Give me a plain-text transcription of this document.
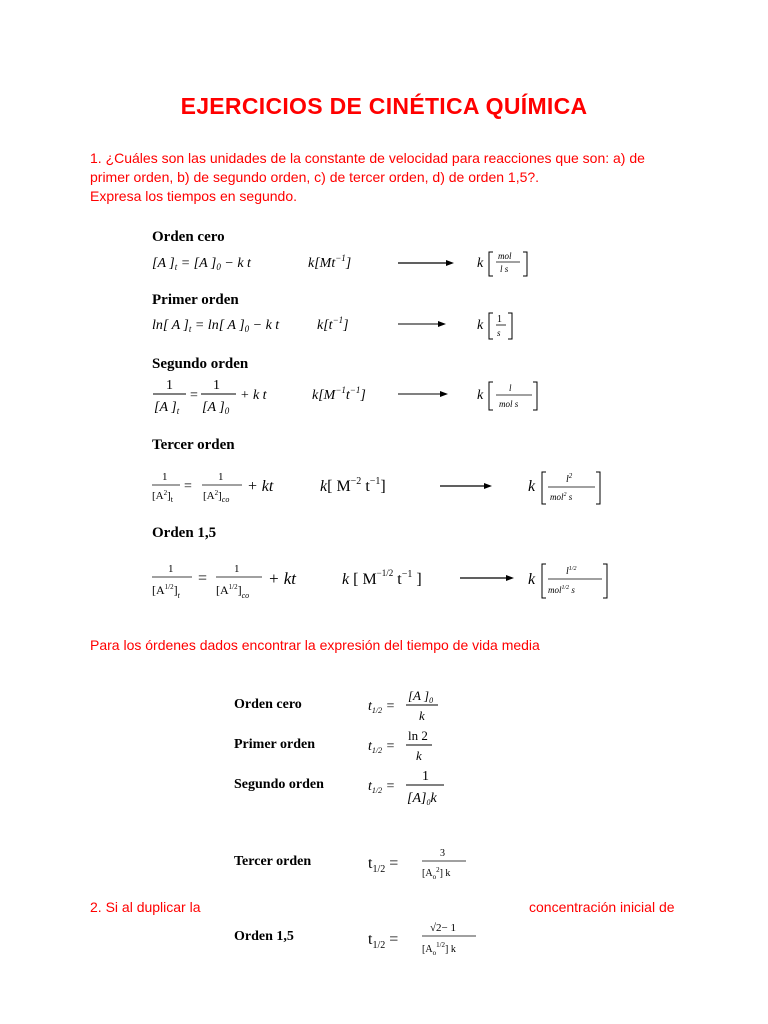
EJERCICIOS DE CINÉTICA QUÍMICA
1. ¿Cuáles son las unidades de la constante de velocidad para reacciones que son: a) de
primer orden, b) de segundo orden, c) de tercer orden, d) de orden 1,5?.
Expresa los tiempos en segundo.
Orden cero
[A ]$_t = [A$ ]$_0 - k$ t	$k[Mt^{-1}]$	k mol
l s
Primer orden
ln[ A ]$_t = \ln$[ A ]$_0 - k$ t	$k[t^{-1}]$	k 1
s
Segundo orden
1
[A ]$_t$
=
1
[A ]$_0$
+ k t	$k[M^{-1}t^{-1}]$	k	l
mol s
Tercer orden
1
$[A^2]_t$
=
1
$[A^2]_{co}$
+ kt	k[ $M^{-2}$ $t^{-1}$]	k	$l^2$
mol$^2$ s
Orden 1,5
1
$[A^{1/2}]_t$
=
1
$[A^{1/2}]_{co}$
+ kt	k [ $M^{-1/2}$ $t^{-1}$ ]	k	$l^{1/2}$
mol$^{1/2}$ s
Para los órdenes dados encontrar la expresión del tiempo de vida media
Orden cero	$t_{1/2}$ =
[A ]$_0$
k
Primer orden	$t_{1/2}$ =
ln 2
k
Segundo orden	$t_{1/2}$ =
1
$[A]_0k$
Tercer orden	$t_{1/2}$ =
3
$[A_o^2]$ k
2. Si al duplicar la	concentración inicial de
Orden 1,5	$t_{1/2}$ =
√2− 1
$[A_o^{1/2}]$ k
